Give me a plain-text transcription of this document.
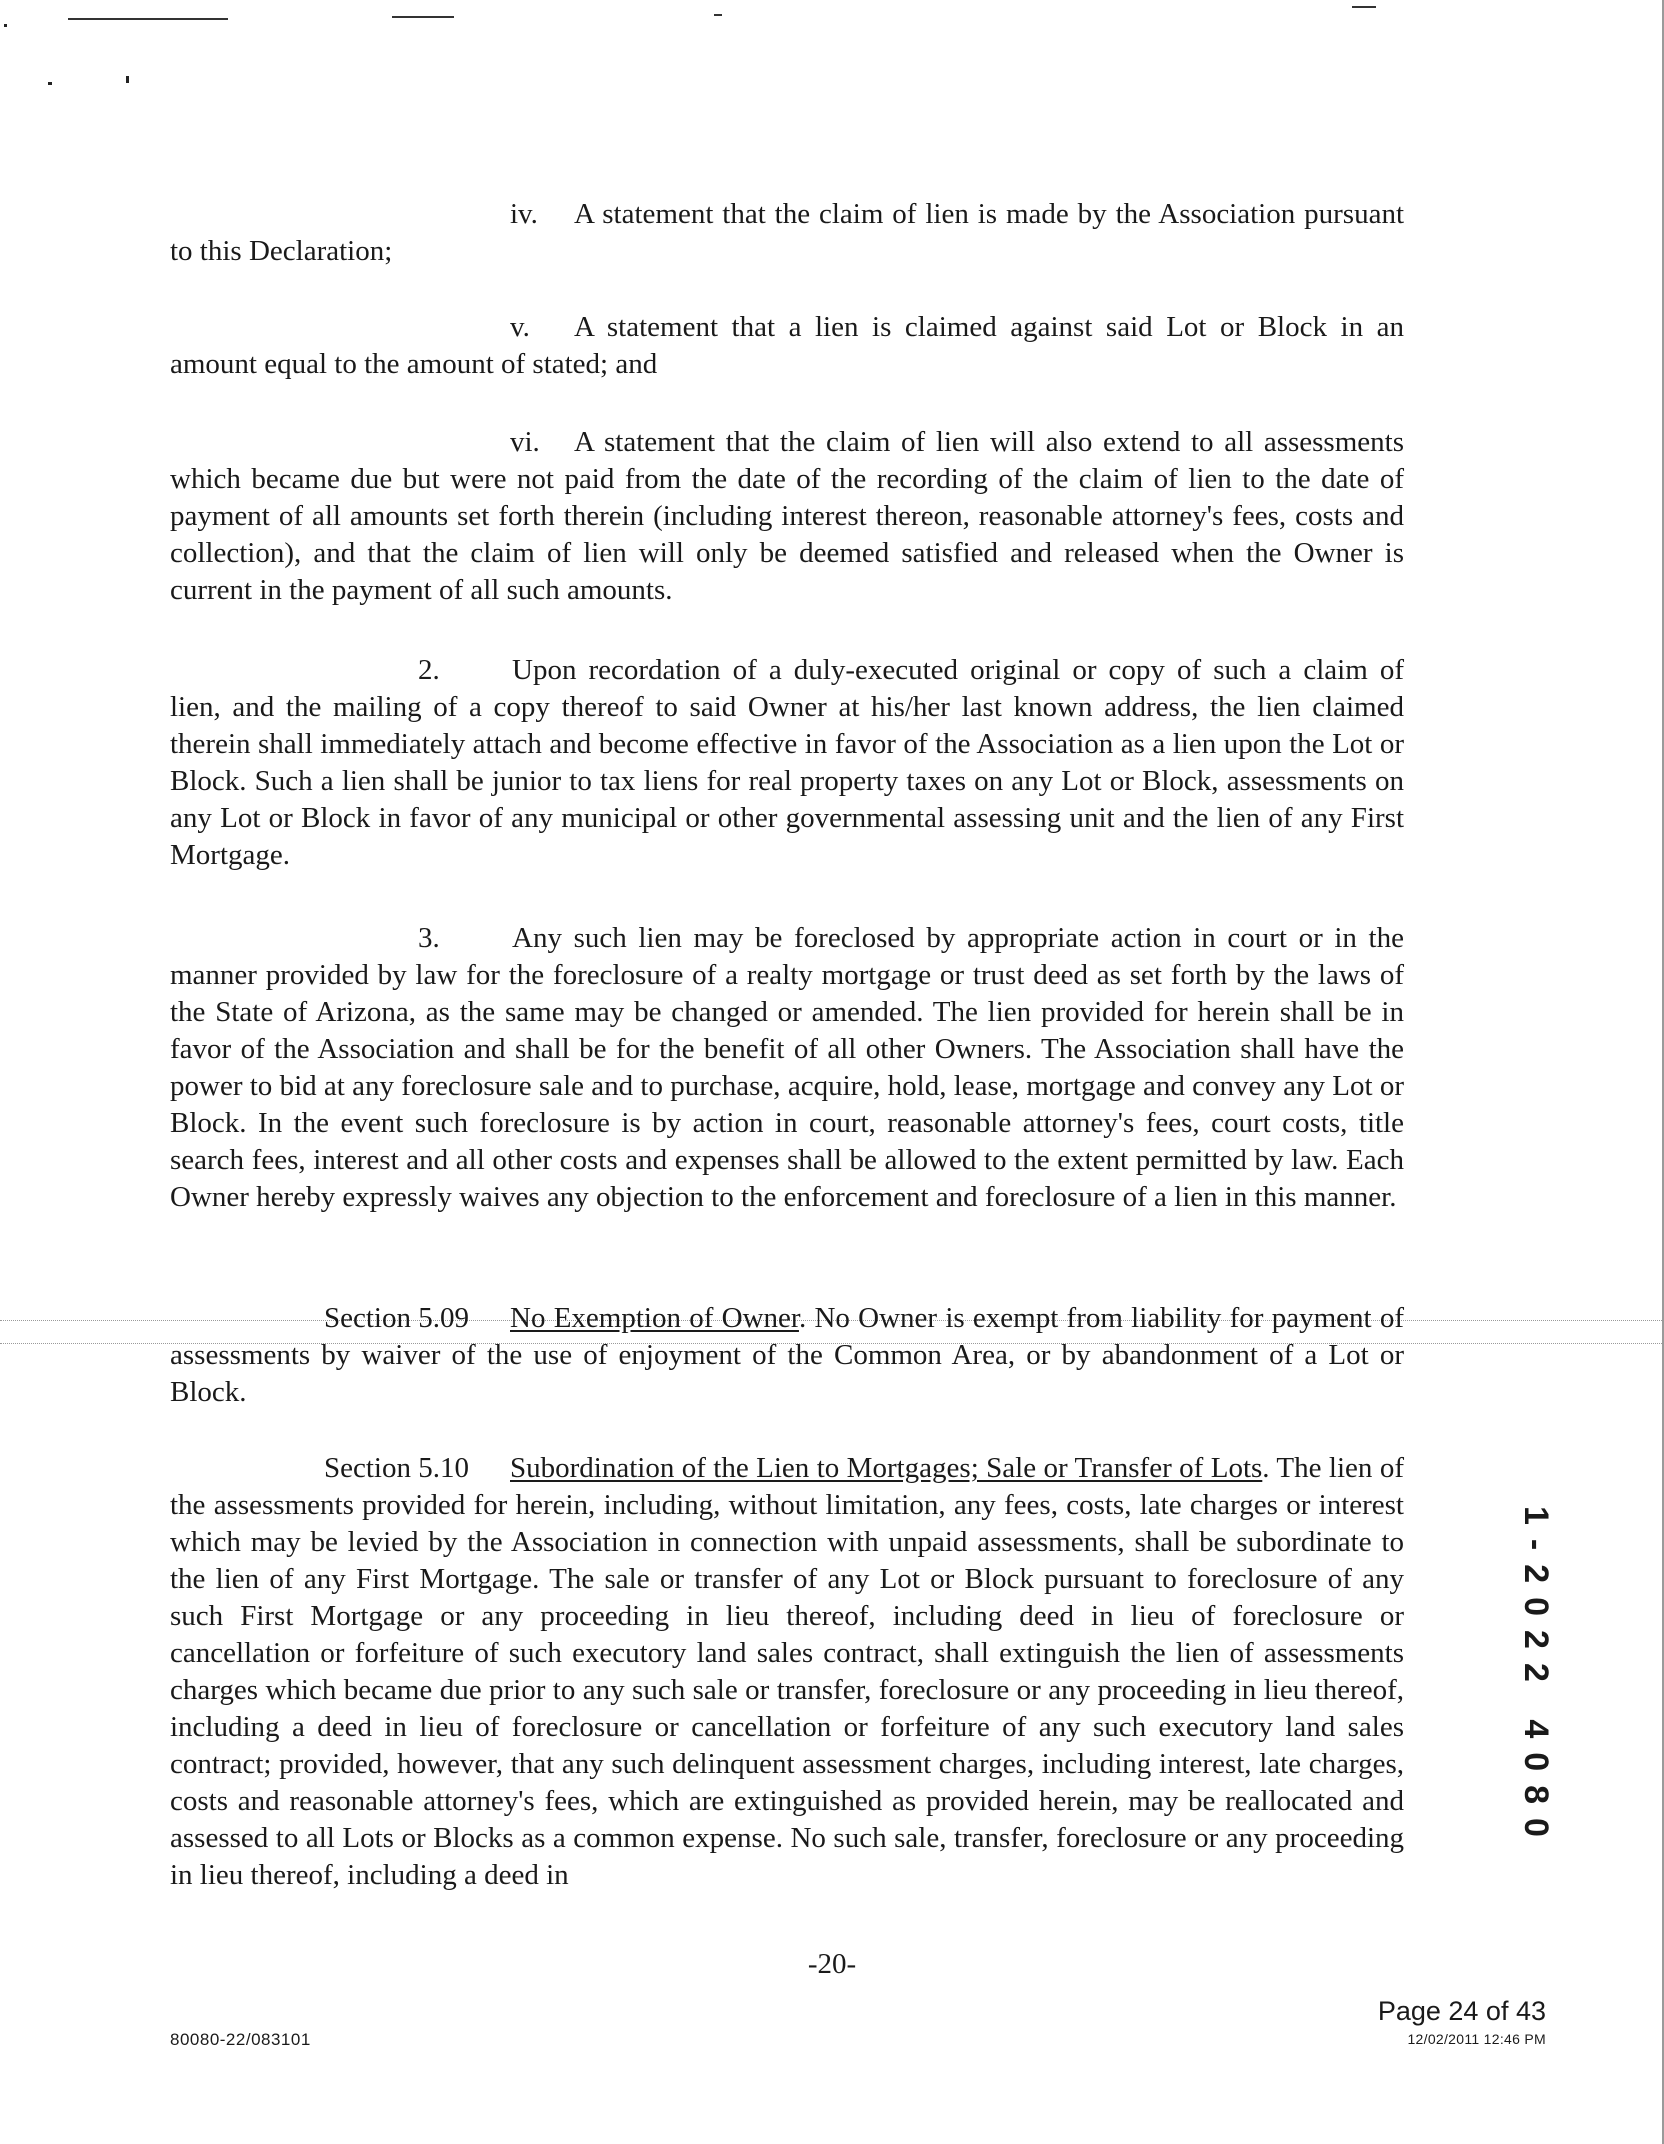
iv. A statement that the claim of lien is made by the Association pursuant to this Declaration;

v. A statement that a lien is claimed against said Lot or Block in an amount equal to the amount of stated; and

vi. A statement that the claim of lien will also extend to all assessments which became due but were not paid from the date of the recording of the claim of lien to the date of payment of all amounts set forth therein (including interest thereon, reasonable attorney's fees, costs and collection), and that the claim of lien will only be deemed satisfied and released when the Owner is current in the payment of all such amounts.

2. Upon recordation of a duly-executed original or copy of such a claim of lien, and the mailing of a copy thereof to said Owner at his/her last known address, the lien claimed therein shall immediately attach and become effective in favor of the Association as a lien upon the Lot or Block. Such a lien shall be junior to tax liens for real property taxes on any Lot or Block, assessments on any Lot or Block in favor of any municipal or other governmental assessing unit and the lien of any First Mortgage.

3. Any such lien may be foreclosed by appropriate action in court or in the manner provided by law for the foreclosure of a realty mortgage or trust deed as set forth by the laws of the State of Arizona, as the same may be changed or amended. The lien provided for herein shall be in favor of the Association and shall be for the benefit of all other Owners. The Association shall have the power to bid at any foreclosure sale and to purchase, acquire, hold, lease, mortgage and convey any Lot or Block. In the event such foreclosure is by action in court, reasonable attorney's fees, court costs, title search fees, interest and all other costs and expenses shall be allowed to the extent permitted by law. Each Owner hereby expressly waives any objection to the enforcement and foreclosure of a lien in this manner.

Section 5.09 No Exemption of Owner. No Owner is exempt from liability for payment of assessments by waiver of the use of enjoyment of the Common Area, or by abandonment of a Lot or Block.

Section 5.10 Subordination of the Lien to Mortgages; Sale or Transfer of Lots. The lien of the assessments provided for herein, including, without limitation, any fees, costs, late charges or interest which may be levied by the Association in connection with unpaid assessments, shall be subordinate to the lien of any First Mortgage. The sale or transfer of any Lot or Block pursuant to foreclosure of any such First Mortgage or any proceeding in lieu thereof, including deed in lieu of foreclosure or cancellation or forfeiture of such executory land sales contract, shall extinguish the lien of assessments charges which became due prior to any such sale or transfer, foreclosure or any proceeding in lieu thereof, including a deed in lieu of foreclosure or cancellation or forfeiture of any such executory land sales contract; provided, however, that any such delinquent assessment charges, including interest, late charges, costs and reasonable attorney's fees, which are extinguished as provided herein, may be reallocated and assessed to all Lots or Blocks as a common expense. No such sale, transfer, foreclosure or any proceeding in lieu thereof, including a deed in

1-2022 4080
-20-
80080-22/083101
Page 24 of 43
12/02/2011 12:46 PM
